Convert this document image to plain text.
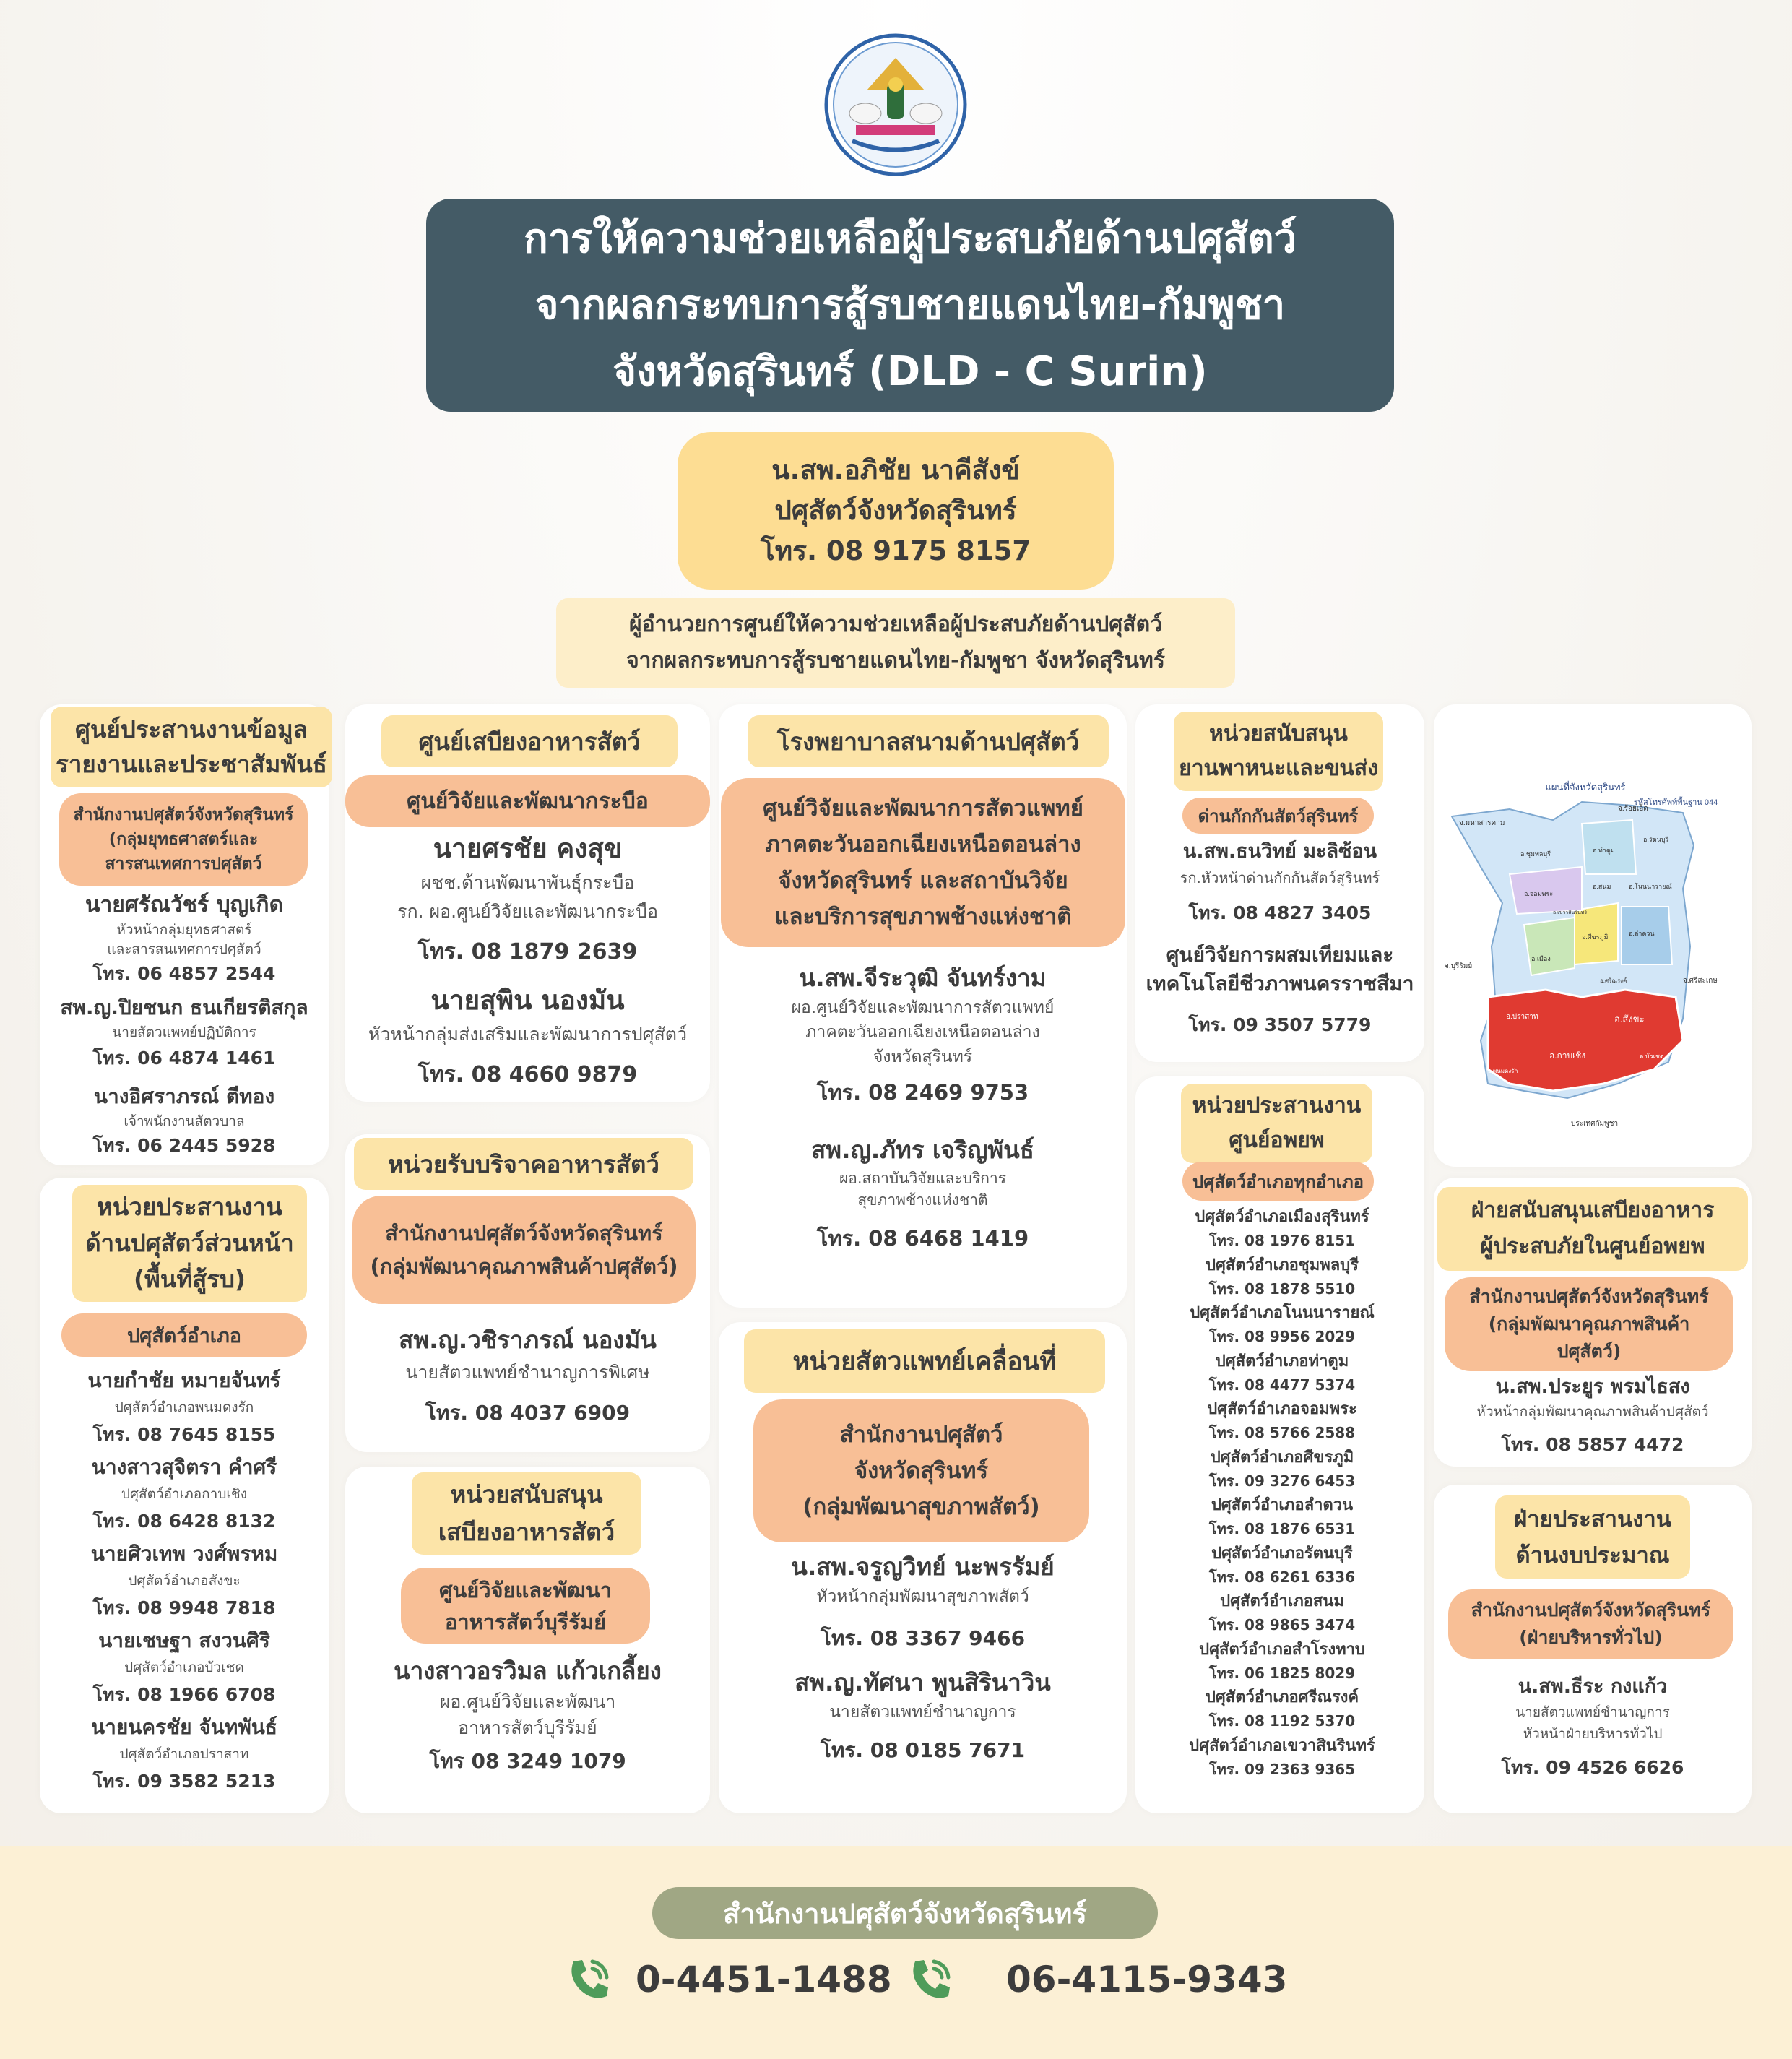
การให้ความช่วยเหลือผู้ประสบภัยด้านปศุสัตว์
จากผลกระทบการสู้รบชายแดนไทย-กัมพูชา
จังหวัดสุรินทร์ (DLD - C Surin)
น.สพ.อภิชัย นาคีสังข์
ปศุสัตว์จังหวัดสุรินทร์
โทร. 08 9175 8157
ผู้อำนวยการศูนย์ให้ความช่วยเหลือผู้ประสบภัยด้านปศุสัตว์
จากผลกระทบการสู้รบชายแดนไทย-กัมพูชา จังหวัดสุรินทร์
ศูนย์ประสานงานข้อมูล
รายงานและประชาสัมพันธ์
สำนักงานปศุสัตว์จังหวัดสุรินทร์
(กลุ่มยุทธศาสตร์และ
สารสนเทศการปศุสัตว์
นายศรัณวัชร์ บุญเกิด
หัวหน้ากลุ่มยุทธศาสตร์
และสารสนเทศการปศุสัตว์
โทร. 06 4857 2544
สพ.ญ.ปิยชนก ธนเกียรติสกุล
นายสัตวแพทย์ปฏิบัติการ
โทร. 06 4874 1461
นางอิศราภรณ์ ตีทอง
เจ้าพนักงานสัตวบาล
โทร. 06 2445 5928
หน่วยประสานงาน
ด้านปศุสัตว์ส่วนหน้า
(พื้นที่สู้รบ)
ปศุสัตว์อำเภอ
นายกำชัย หมายจันทร์
ปศุสัตว์อำเภอพนมดงรัก
โทร. 08 7645 8155
นางสาวสุจิตรา คำศรี
ปศุสัตว์อำเภอกาบเชิง
โทร. 08 6428 8132
นายศิวเทพ วงศ์พรหม
ปศุสัตว์อำเภอสังขะ
โทร. 08 9948 7818
นายเชษฐา สงวนศิริ
ปศุสัตว์อำเภอบัวเชด
โทร. 08 1966 6708
นายนครชัย จันทพันธ์
ปศุสัตว์อำเภอปราสาท
โทร. 09 3582 5213
ศูนย์เสบียงอาหารสัตว์
ศูนย์วิจัยและพัฒนากระบือ
นายศรชัย คงสุข
ผชช.ด้านพัฒนาพันธุ์กระบือ
รก. ผอ.ศูนย์วิจัยและพัฒนากระบือ
โทร. 08 1879 2639
นายสุพิน นองมัน
หัวหน้ากลุ่มส่งเสริมและพัฒนาการปศุสัตว์
โทร. 08 4660 9879
หน่วยรับบริจาคอาหารสัตว์
สำนักงานปศุสัตว์จังหวัดสุรินทร์
(กลุ่มพัฒนาคุณภาพสินค้าปศุสัตว์)
สพ.ญ.วชิราภรณ์ นองมัน
นายสัตวแพทย์ชำนาญการพิเศษ
โทร. 08 4037 6909
หน่วยสนับสนุน
เสบียงอาหารสัตว์
ศูนย์วิจัยและพัฒนา
อาหารสัตว์บุรีรัมย์
นางสาวอรวิมล แก้วเกลี้ยง
ผอ.ศูนย์วิจัยและพัฒนา
อาหารสัตว์บุรีรัมย์
โทร 08 3249 1079
โรงพยาบาลสนามด้านปศุสัตว์
ศูนย์วิจัยและพัฒนาการสัตวแพทย์
ภาคตะวันออกเฉียงเหนือตอนล่าง
จังหวัดสุรินทร์ และสถาบันวิจัย
และบริการสุขภาพช้างแห่งชาติ
น.สพ.จีระวุฒิ จันทร์งาม
ผอ.ศูนย์วิจัยและพัฒนาการสัตวแพทย์
ภาคตะวันออกเฉียงเหนือตอนล่าง
จังหวัดสุรินทร์
โทร. 08 2469 9753
สพ.ญ.ภัทร เจริญพันธ์
ผอ.สถาบันวิจัยและบริการ
สุขภาพช้างแห่งชาติ
โทร. 08 6468 1419
หน่วยสัตวแพทย์เคลื่อนที่
สำนักงานปศุสัตว์
จังหวัดสุรินทร์
(กลุ่มพัฒนาสุขภาพสัตว์)
น.สพ.จรูญวิทย์ นะพรรัมย์
หัวหน้ากลุ่มพัฒนาสุขภาพสัตว์
โทร. 08 3367 9466
สพ.ญ.ทัศนา พูนสิรินาวิน
นายสัตวแพทย์ชำนาญการ
โทร. 08 0185 7671
หน่วยสนับสนุน
ยานพาหนะและขนส่ง
ด่านกักกันสัตว์สุรินทร์
น.สพ.ธนวิทย์ มะลิซ้อน
รก.หัวหน้าด่านกักกันสัตว์สุรินทร์
โทร. 08 4827 3405
ศูนย์วิจัยการผสมเทียมและ
เทคโนโลยีชีวภาพนครราชสีมา
โทร. 09 3507 5779
หน่วยประสานงาน
ศูนย์อพยพ
ปศุสัตว์อำเภอทุกอำเภอ
ปศุสัตว์อำเภอเมืองสุรินทร์
โทร. 08 1976 8151
ปศุสัตว์อำเภอชุมพลบุรี
โทร. 08 1878 5510
ปศุสัตว์อำเภอโนนนารายณ์
โทร. 08 9956 2029
ปศุสัตว์อำเภอท่าตูม
โทร. 08 4477 5374
ปศุสัตว์อำเภอจอมพระ
โทร. 08 5766 2588
ปศุสัตว์อำเภอศีขรภูมิ
โทร. 09 3276 6453
ปศุสัตว์อำเภอลำดวน
โทร. 08 1876 6531
ปศุสัตว์อำเภอรัตนบุรี
โทร. 08 6261 6336
ปศุสัตว์อำเภอสนม
โทร. 08 9865 3474
ปศุสัตว์อำเภอสำโรงทาบ
โทร. 06 1825 8029
ปศุสัตว์อำเภอศรีณรงค์
โทร. 08 1192 5370
ปศุสัตว์อำเภอเขวาสินรินทร์
โทร. 09 2363 9365
แผนที่จังหวัดสุรินทร์
รหัสโทรศัพท์พื้นฐาน 044
จ.มหาสารคาม
จ.ร้อยเอ็ด
จ.บุรีรัมย์
จ.ศรีสะเกษ
ประเทศกัมพูชา
อ.ชุมพลบุรี	อ.ท่าตูม
อ.รัตนบุรี
อ.สนม	อ.โนนนารายณ์
อ.จอมพระ
อ.ศีขรภูมิ
อ.เมือง
อ.ลำดวน
อ.ปราสาท	อ.สังขะ
อ.กาบเชิง	อ.บัวเชด
อ.พนมดงรัก
อ.ศรีณรงค์
อ.เขวาสินรินทร์
ฝ่ายสนับสนุนเสบียงอาหาร
ผู้ประสบภัยในศูนย์อพยพ
สำนักงานปศุสัตว์จังหวัดสุรินทร์
(กลุ่มพัฒนาคุณภาพสินค้า
ปศุสัตว์)
น.สพ.ประยูร พรมไธสง
หัวหน้ากลุ่มพัฒนาคุณภาพสินค้าปศุสัตว์
โทร. 08 5857 4472
ฝ่ายประสานงาน
ด้านงบประมาณ
สำนักงานปศุสัตว์จังหวัดสุรินทร์
(ฝ่ายบริหารทั่วไป)
น.สพ.ธีระ กงแก้ว
นายสัตวแพทย์ชำนาญการ
หัวหน้าฝ่ายบริหารทั่วไป
โทร. 09 4526 6626
สำนักงานปศุสัตว์จังหวัดสุรินทร์
0-4451-1488	06-4115-9343
